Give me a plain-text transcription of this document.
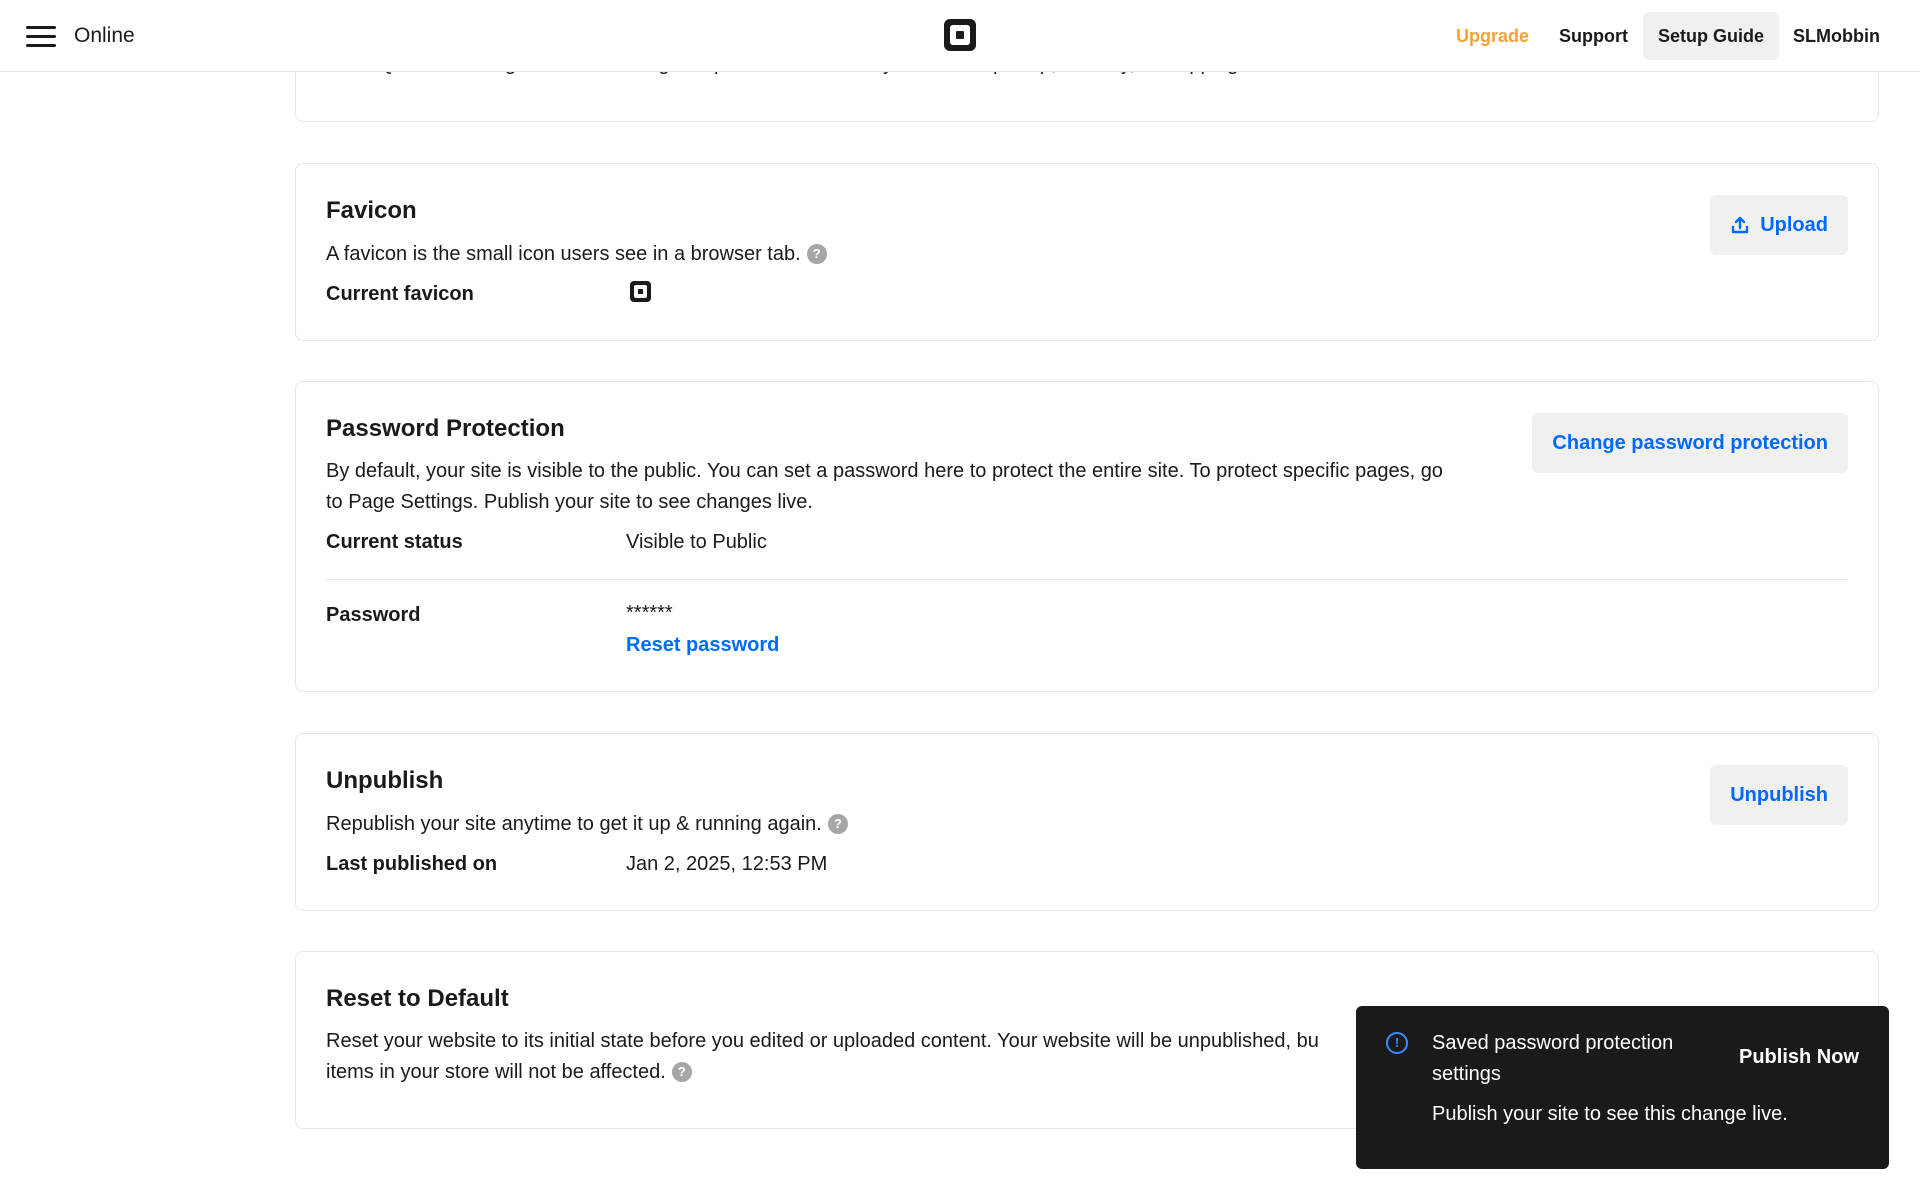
Online	Upgrade	Support	Setup Guide	SLMobbin
Favicon
A favicon is the small icon users see in a browser tab. ?
Current favicon
Upload
Password Protection
By default, your site is visible to the public. You can set a password here to protect the entire site. To protect specific pages, go to Page Settings. Publish your site to see changes live.
Current status	Visible to Public
Password	******
Reset password
Change password protection
Unpublish
Republish your site anytime to get it up & running again. ?
Last published on	Jan 2, 2025, 12:53 PM
Unpublish
Reset to Default
Reset your website to its initial state before you edited or uploaded content. Your website will be unpublished, bu
items in your store will not be affected. ?
!	Saved password protection settings
Publish your site to see this change live.
Publish Now
